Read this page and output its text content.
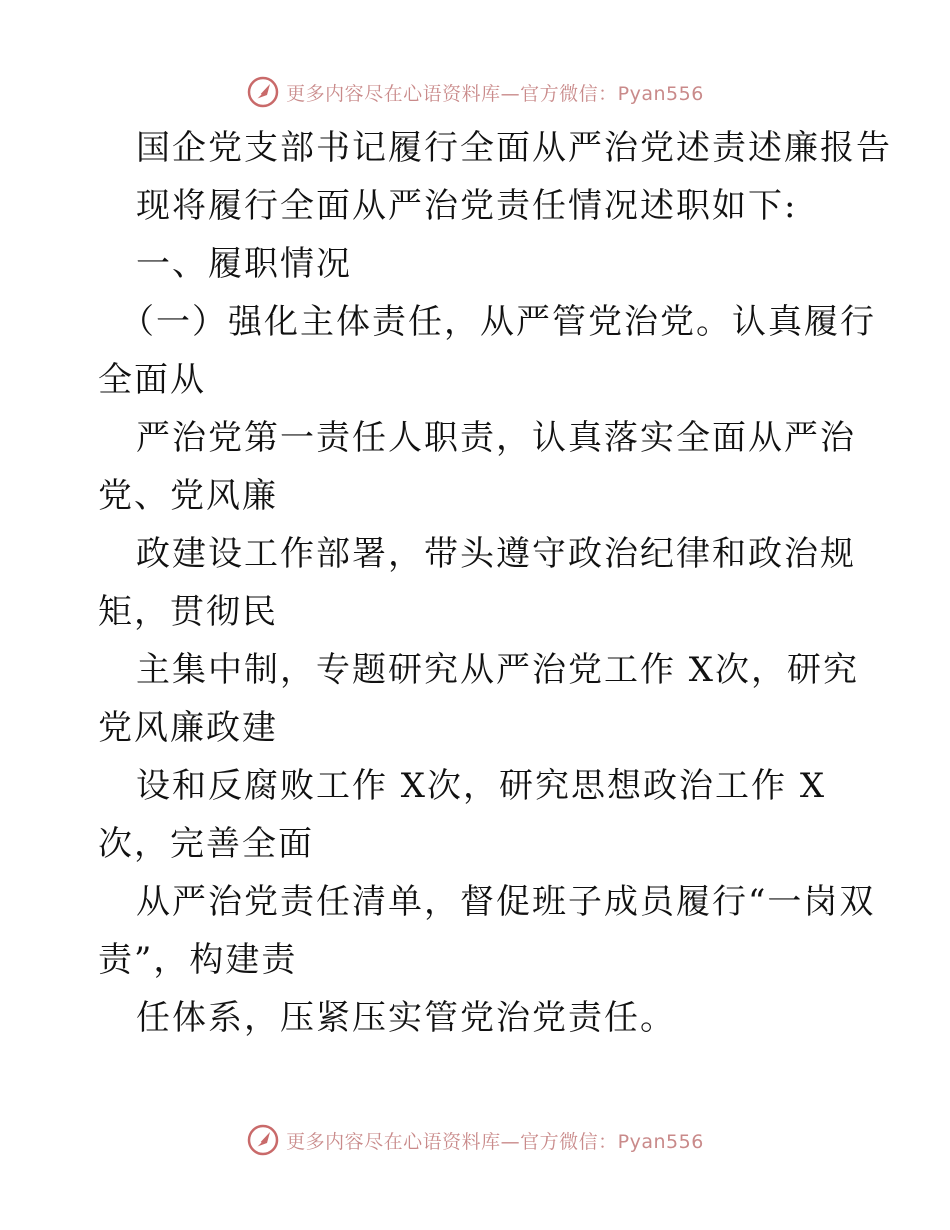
更多内容尽在心语资料库—官方微信：Pyan556
国企党支部书记履行全面从严治党述责述廉报告
现将履行全面从严治党责任情况述职如下:
一、履职情况
（一）强化主体责任，从严管党治党。认真履行
全面从
严治党第一责任人职责，认真落实全面从严治
党、党风廉
政建设工作部署，带头遵守政治纪律和政治规
矩，贯彻民
主集中制，专题研究从严治党工作 X次，研究
党风廉政建
设和反腐败工作 X次，研究思想政治工作 X
次，完善全面
从严治党责任清单，督促班子成员履行“一岗双
责”，构建责
任体系，压紧压实管党治党责任。
更多内容尽在心语资料库—官方微信：Pyan556
